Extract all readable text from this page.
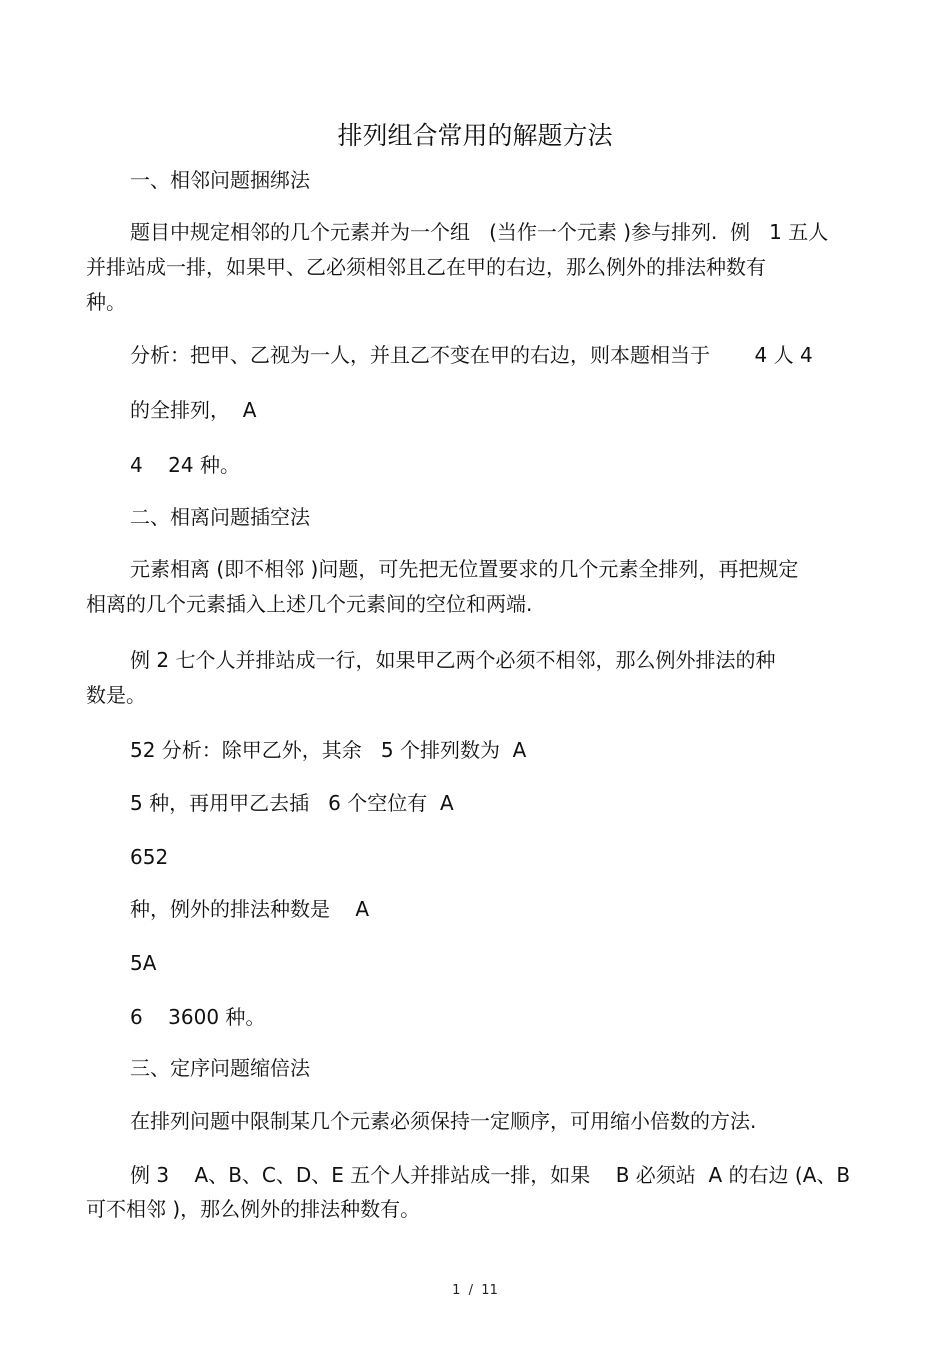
排列组合常用的解题方法
一、相邻问题捆绑法
题目中规定相邻的几个元素并为一个组   (当作一个元素 )参与排列.  例   1 五人
并排站成一排，如果甲、乙必须相邻且乙在甲的右边，那么例外的排法种数有
种。
分析：把甲、乙视为一人，并且乙不变在甲的右边，则本题相当于       4 人 4
的全排列，  A
4    24 种。
二、相离问题插空法
元素相离 (即不相邻 )问题，可先把无位置要求的几个元素全排列，再把规定
相离的几个元素插入上述几个元素间的空位和两端.
例 2 七个人并排站成一行，如果甲乙两个必须不相邻，那么例外排法的种
数是。
52 分析：除甲乙外，其余   5 个排列数为  A
5 种，再用甲乙去插   6 个空位有  A
652
种，例外的排法种数是    A
5A
6    3600 种。
三、定序问题缩倍法
在排列问题中限制某几个元素必须保持一定顺序，可用缩小倍数的方法.
例 3    A、B、C、D、E 五个人并排站成一排，如果    B 必须站  A 的右边 (A、B
可不相邻 )，那么例外的排法种数有。
1  /  11
